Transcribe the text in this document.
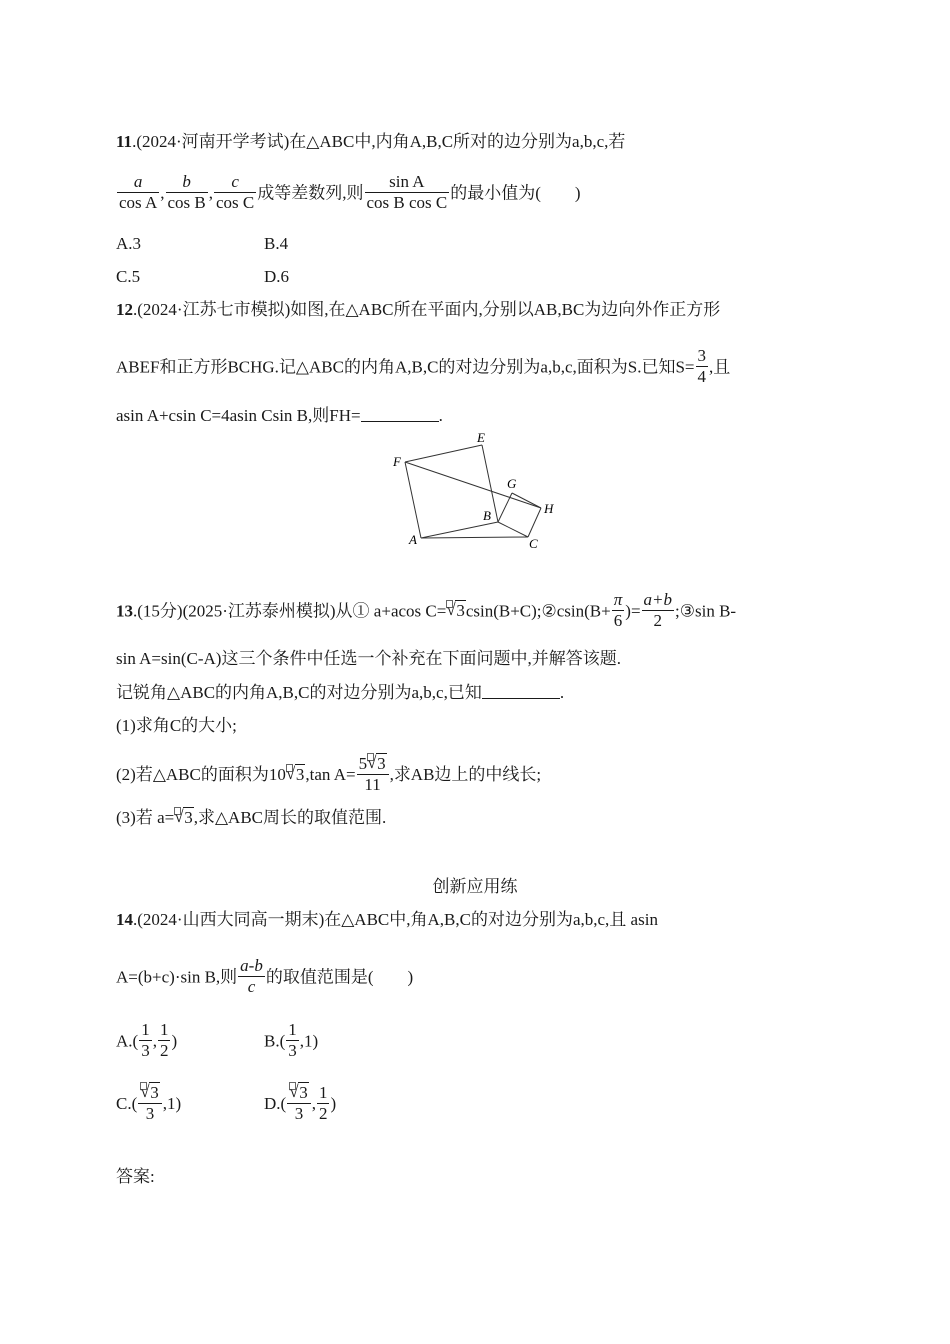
11.(2024·河南开学考试)在△ABC中,内角A,B,C所对的边分别为a,b,c,若
$\frac{a}{\text{cos A}}$ , $\frac{b}{\text{cos B}}$ , $\frac{c}{\text{cos C}}$ 成等差数列,则 $\frac{\text{sin A}}{\text{cos B cos C}}$ 的最小值为(　　)
A.3	B.4
C.5	D.6
12.(2024·江苏七市模拟)如图,在△ABC所在平面内,分别以AB,BC为边向外作正方形
ABEF和正方形BCHG.记△ABC的内角A,B,C的对边分别为a,b,c,面积为S.已知$S= \frac{3}{4}$ ,且
asin A+csin C=4asin Csin B,则FH=	.
E
F
G
B	H
A	C
13.(15分)(2025·江苏泰州模拟)从① a+acos C= √ 3csin(B+C);②csin(B+ $\frac{\pi}{6}$ )= $\frac{a+b}{2}$ ;③sin B-
sin A=sin(C-A)这三个条件中任选一个补充在下面问题中,并解答该题.
记锐角△ABC的内角A,B,C的对边分别为a,b,c,已知	.
(1)求角C的大小;
(2)若△ABC的面积为10 √ 3,tan $A= \frac{5 √ 3}{11}$ ,求AB边上的中线长;
(3)若 a= √ 3,求△ABC周长的取值范围.
创新应用练
14.(2024·山西大同高一期末)在△ABC中,角A,B,C的对边分别为a,b,c,且 asin
A=(b+c)·sin B,则 $\frac{a-b}{c}$ 的取值范围是(　　)
$A.( \frac{1}{3}$ , $\frac{1}{2}$ )	$B.( \frac{1}{3} ,1)$
C.( √ $\frac{3}{3} ,1$)	D.( √ $\frac{3}{3}$ , $\frac{1}{2}$ )
答案:
